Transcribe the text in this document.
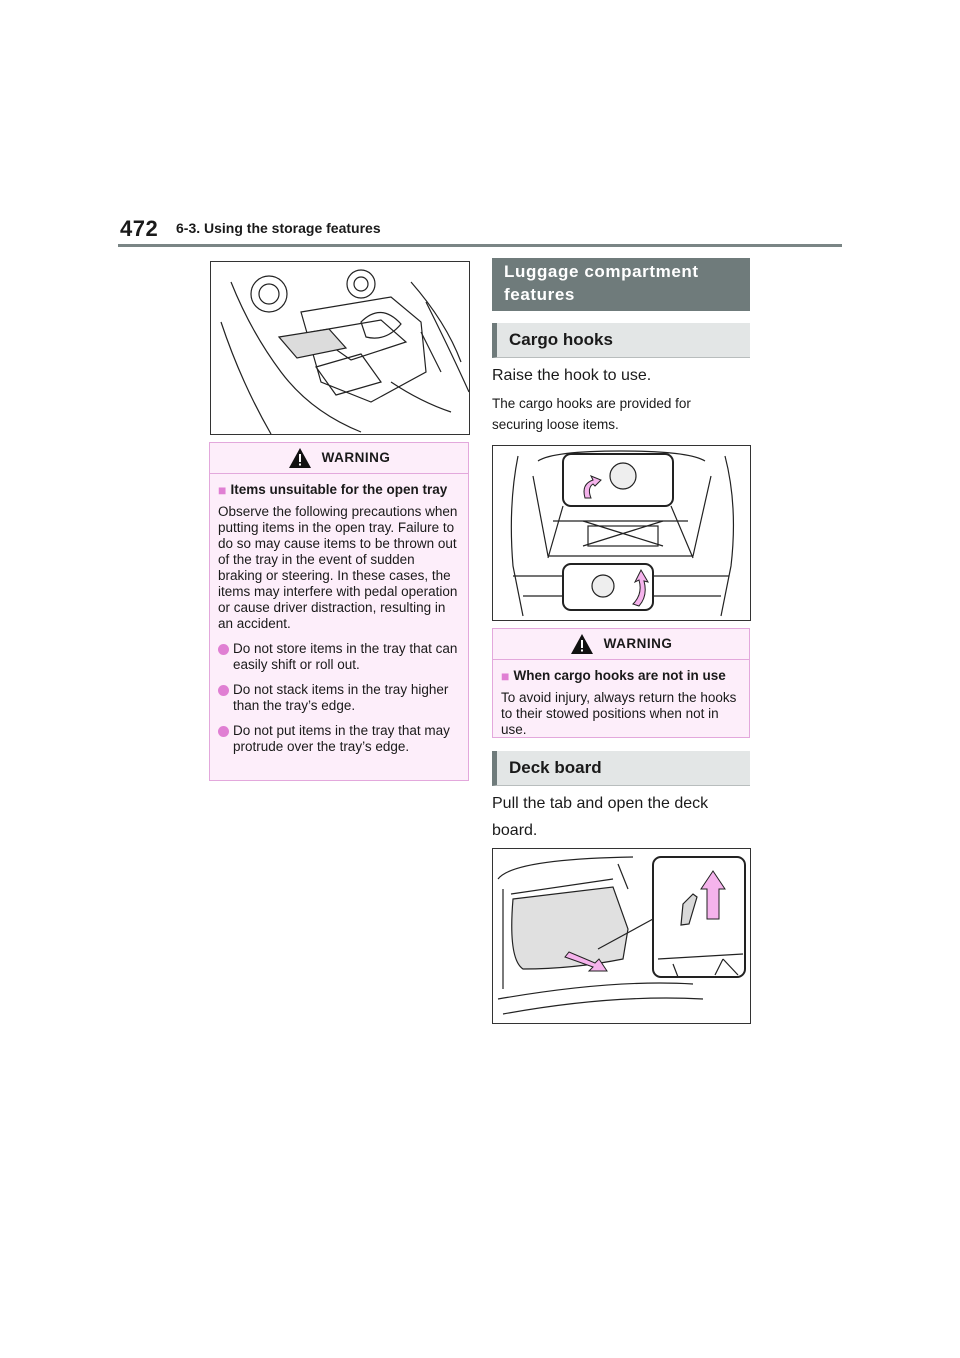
472 6-3. Using the storage features
WARNING
■ Items unsuitable for the open tray

Observe the following precautions when putting items in the open tray. Failure to do so may cause items to be thrown out of the tray in the event of sudden braking or steering. In these cases, the items may interfere with pedal operation or cause driver distraction, resulting in an accident.

Do not store items in the tray that can easily shift or roll out.
Do not stack items in the tray higher than the tray’s edge.
Do not put items in the tray that may protrude over the tray’s edge.
Luggage compartment features
Cargo hooks
Raise the hook to use.
The cargo hooks are provided for securing loose items.
WARNING
■ When cargo hooks are not in use

To avoid injury, always return the hooks to their stowed positions when not in use.

Deck board
Pull the tab and open the deck board.
